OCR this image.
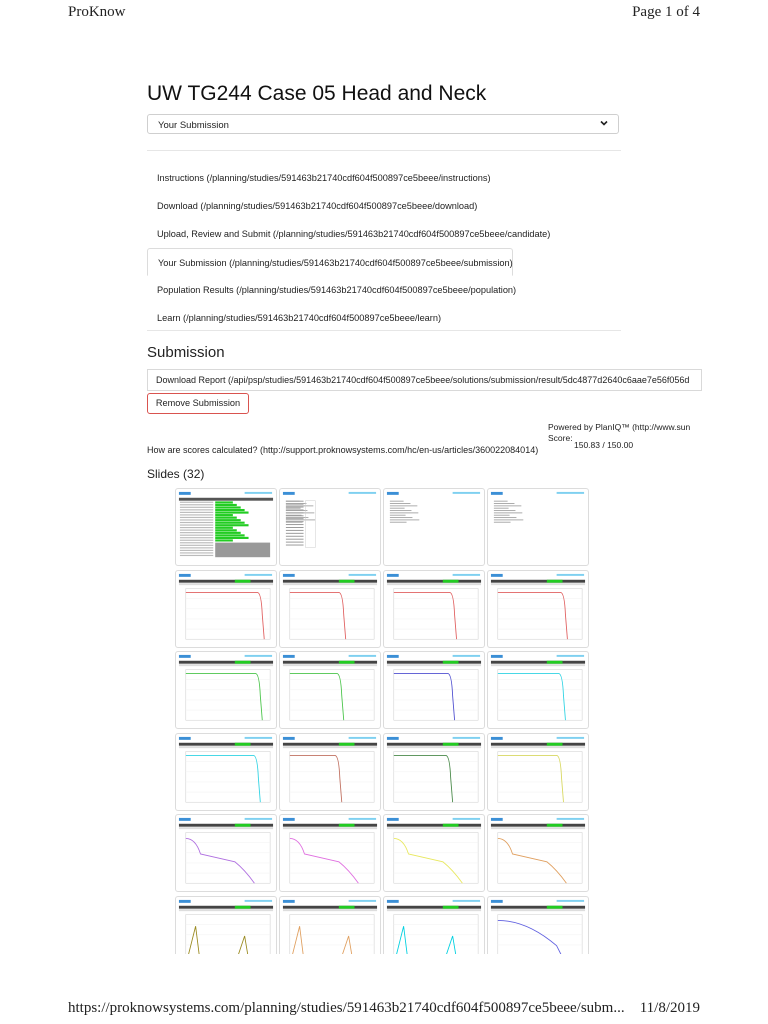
ProKnow	Page 1 of 4
UW TG244 Case 05 Head and Neck
Your Submission
Instructions (/planning/studies/591463b21740cdf604f500897ce5beee/instructions)
Download (/planning/studies/591463b21740cdf604f500897ce5beee/download)
Upload, Review and Submit (/planning/studies/591463b21740cdf604f500897ce5beee/candidate)
Your Submission (/planning/studies/591463b21740cdf604f500897ce5beee/submission)
Population Results (/planning/studies/591463b21740cdf604f500897ce5beee/population)
Learn (/planning/studies/591463b21740cdf604f500897ce5beee/learn)
Submission
Download Report (/api/psp/studies/591463b21740cdf604f500897ce5beee/solutions/submission/result/5dc4877d2640c6aae7e56f056d
Remove Submission
Powered by PlanIQ™ (http://www.sun
Score:
150.83 / 150.00
How are scores calculated? (http://support.proknowsystems.com/hc/en-us/articles/360022084014)
Slides (32)
https://proknowsystems.com/planning/studies/591463b21740cdf604f500897ce5beee/subm... 11/8/2019
